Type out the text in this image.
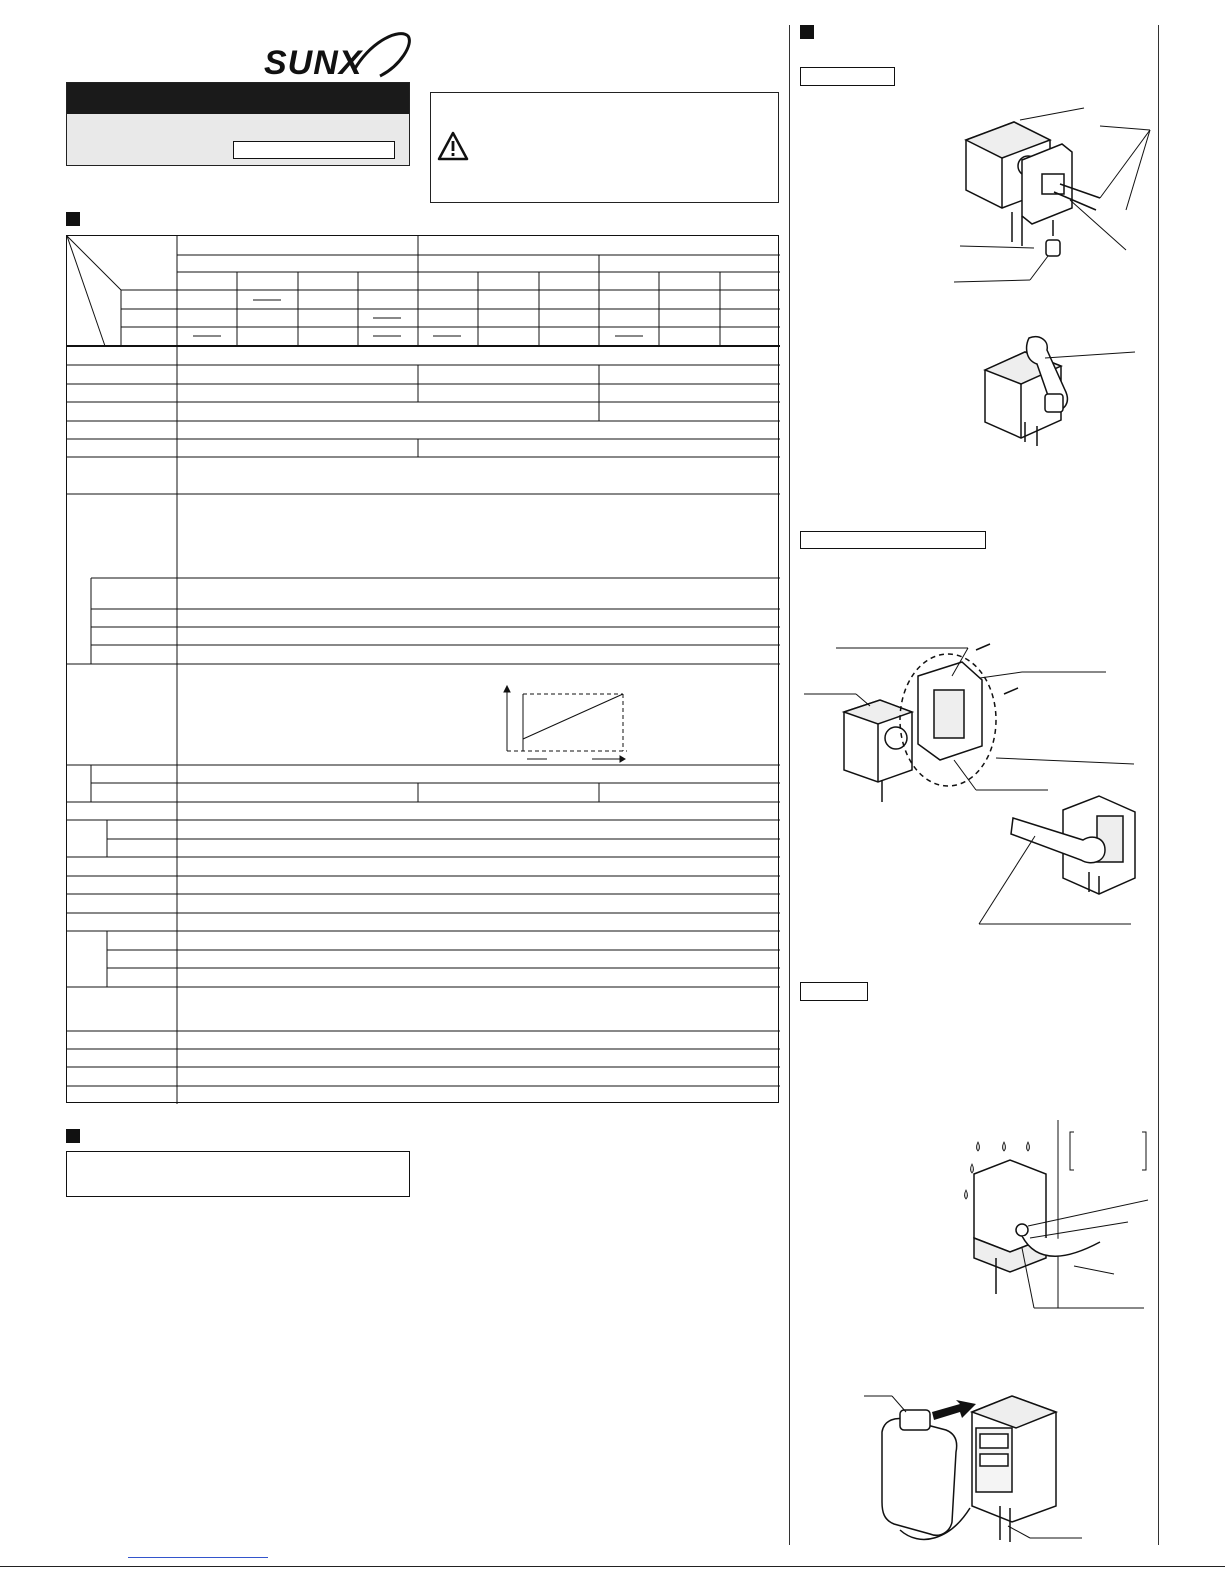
SUNX
